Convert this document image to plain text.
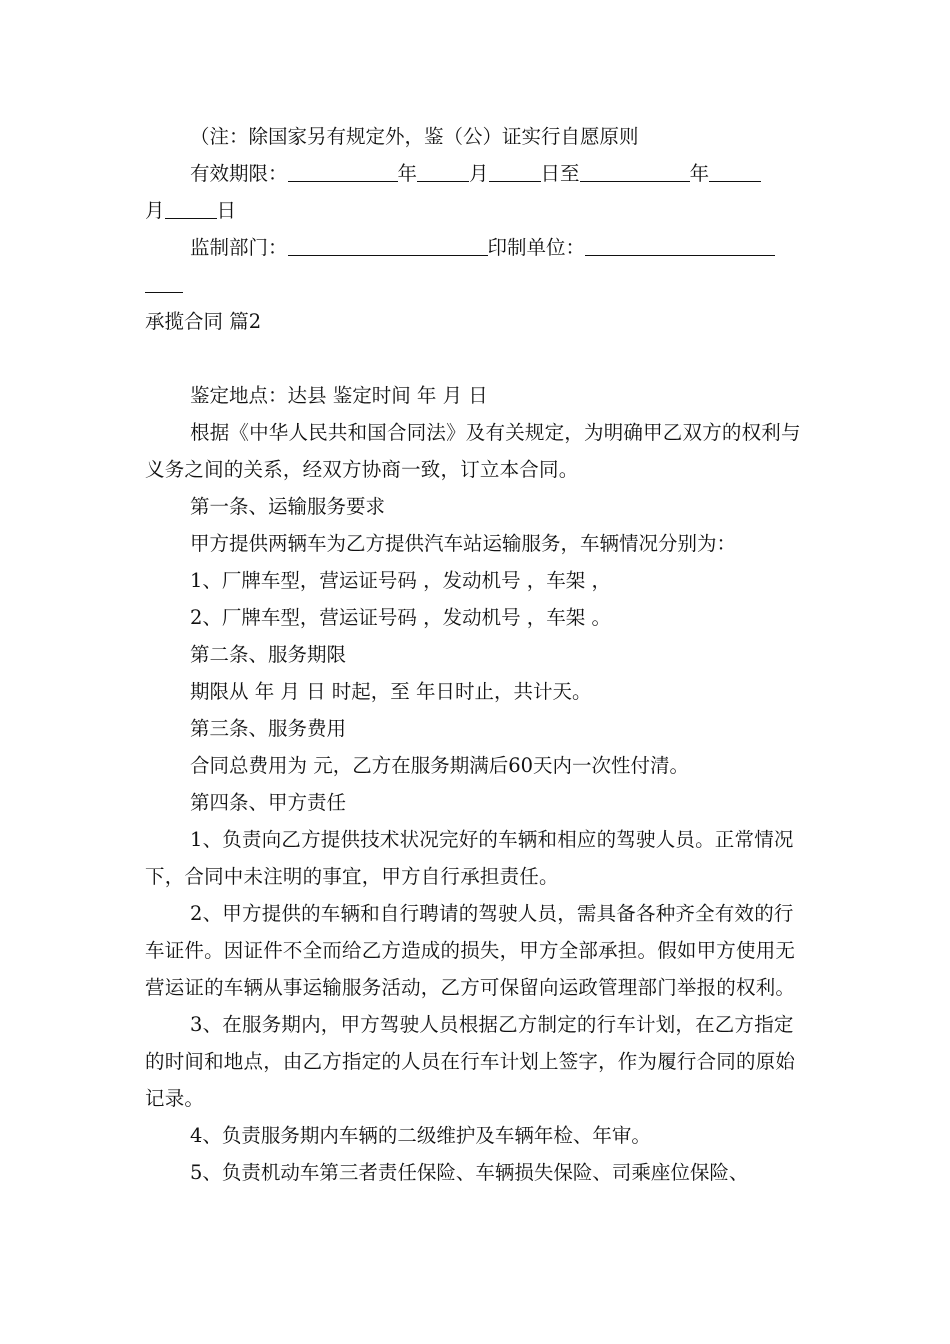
（注：除国家另有规定外，鉴（公）证实行自愿原则
有效期限：	年	月	日至	年
月	日
监制部门：	印制单位：
承揽合同 篇2
鉴定地点：达县 鉴定时间 年 月 日
根据《中华人民共和国合同法》及有关规定，为明确甲乙双方的权利与义务之间的关系，经双方协商一致，订立本合同。
第一条、运输服务要求
甲方提供两辆车为乙方提供汽车站运输服务，车辆情况分别为：
1、厂牌车型，营运证号码 ，发动机号 ，车架 ，
2、厂牌车型，营运证号码 ，发动机号 ，车架 。
第二条、服务期限
期限从 年 月 日 时起，至 年日时止，共计天。
第三条、服务费用
合同总费用为 元，乙方在服务期满后60天内一次性付清。
第四条、甲方责任
1、负责向乙方提供技术状况完好的车辆和相应的驾驶人员。正常情况下，合同中未注明的事宜，甲方自行承担责任。
2、甲方提供的车辆和自行聘请的驾驶人员，需具备各种齐全有效的行车证件。因证件不全而给乙方造成的损失，甲方全部承担。假如甲方使用无营运证的车辆从事运输服务活动，乙方可保留向运政管理部门举报的权利。
3、在服务期内，甲方驾驶人员根据乙方制定的行车计划，在乙方指定的时间和地点，由乙方指定的人员在行车计划上签字，作为履行合同的原始记录。
4、负责服务期内车辆的二级维护及车辆年检、年审。
5、负责机动车第三者责任保险、车辆损失保险、司乘座位保险、
